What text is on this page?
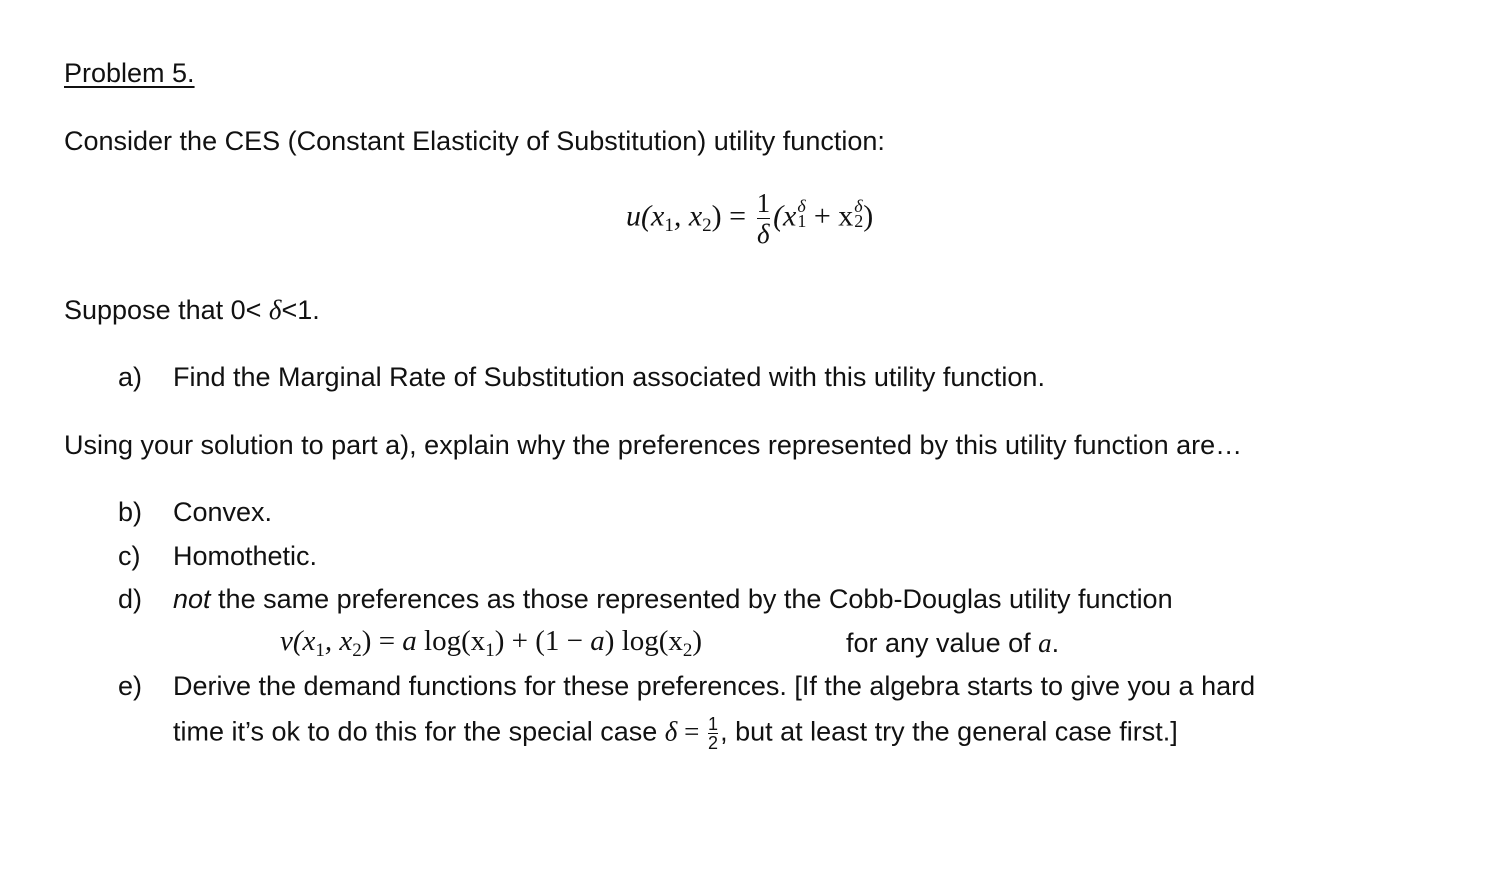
Problem 5.
Consider the CES (Constant Elasticity of Substitution) utility function:
$u(x_1$, $x_2) = \frac{1}{\delta} (x$ δ
1 + x δ
2 )
Suppose that 0< δ<1.
a) Find the Marginal Rate of Substitution associated with this utility function.
Using your solution to part a), explain why the preferences represented by this utility function are…
b) Convex.
c) Homothetic.
d) not the same preferences as those represented by the Cobb-Douglas utility function
$v(x_1$, $x_2) = a$ $\log(x_1) + (1 - a)$ $\log(x_2)$	for any value of a.
e) Derive the demand functions for these preferences. [If the algebra starts to give you a hard
time it’s ok to do this for the special case $\delta = \frac{1}{2}$ , but at least try the general case first.]
